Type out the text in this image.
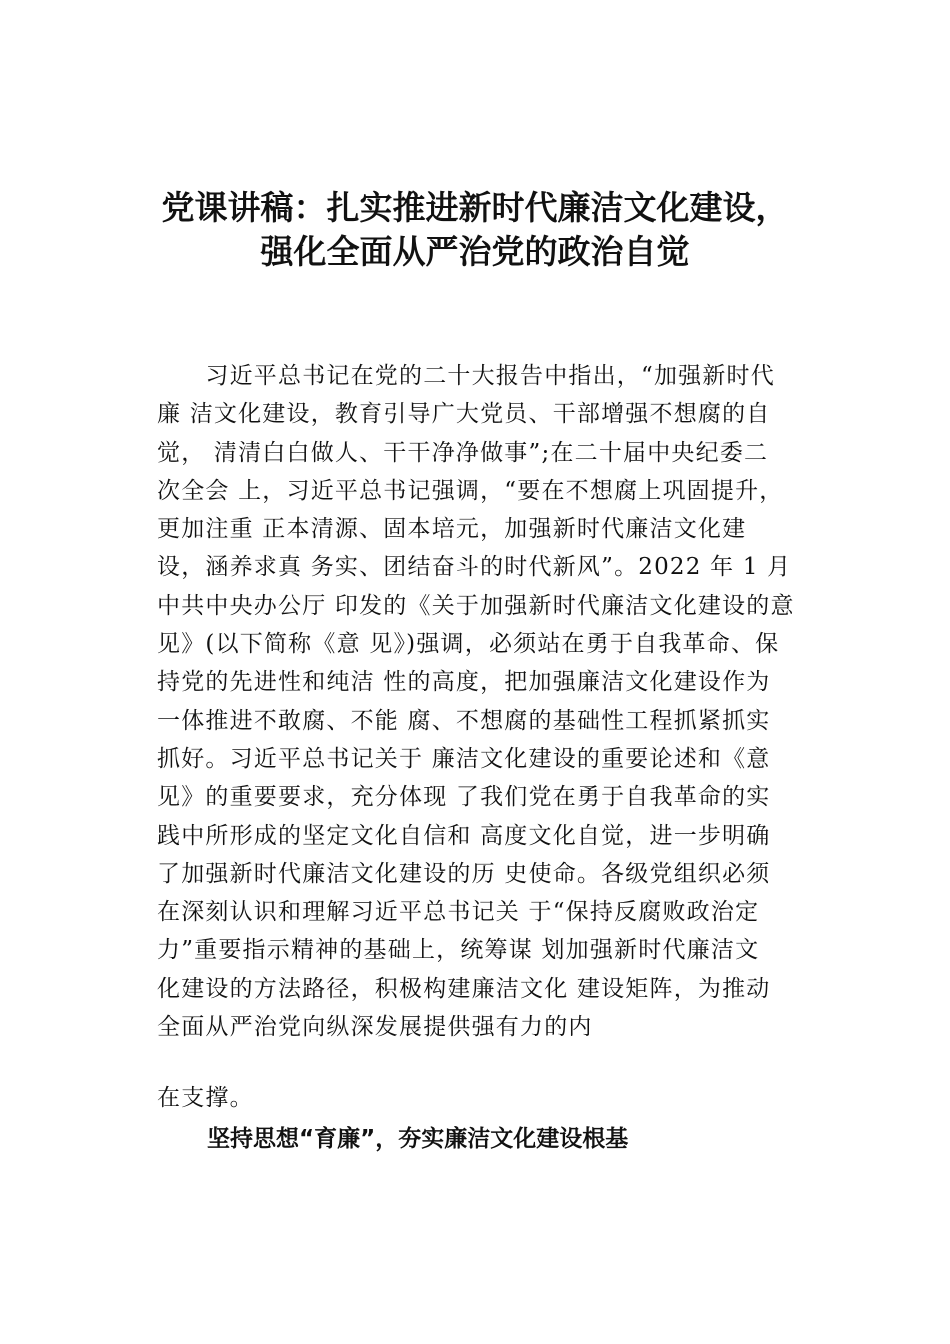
党课讲稿：扎实推进新时代廉洁文化建设，
强化全面从严治党的政治自觉
　　习近平总书记在党的二十大报告中指出，“加强新时代
廉 洁文化建设，教育引导广大党员、干部增强不想腐的自
觉， 清清白白做人、干干净净做事”;在二十届中央纪委二
次全会 上，习近平总书记强调，“要在不想腐上巩固提升，
更加注重 正本清源、固本培元，加强新时代廉洁文化建
设，涵养求真 务实、团结奋斗的时代新风”。2022 年 1 月
中共中央办公厅 印发的《关于加强新时代廉洁文化建设的意
见》(以下简称《意 见》)强调，必须站在勇于自我革命、保
持党的先进性和纯洁 性的高度，把加强廉洁文化建设作为
一体推进不敢腐、不能 腐、不想腐的基础性工程抓紧抓实
抓好。习近平总书记关于 廉洁文化建设的重要论述和《意
见》的重要要求，充分体现 了我们党在勇于自我革命的实
践中所形成的坚定文化自信和 高度文化自觉，进一步明确
了加强新时代廉洁文化建设的历 史使命。各级党组织必须
在深刻认识和理解习近平总书记关 于“保持反腐败政治定
力”重要指示精神的基础上，统筹谋 划加强新时代廉洁文
化建设的方法路径，积极构建廉洁文化 建设矩阵，为推动
全面从严治党向纵深发展提供强有力的内
在支撑。
坚持思想“育廉”，夯实廉洁文化建设根基
